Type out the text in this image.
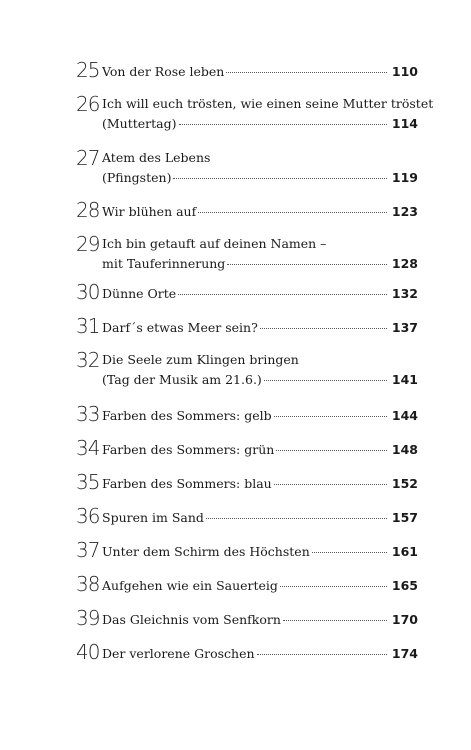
25 Von der Rose leben	110
26 Ich will euch trösten, wie einen seine Mutter tröstet
(Muttertag)	114
27 Atem des Lebens
(Pfingsten)	119
28 Wir blühen auf	123
29 Ich bin getauft auf deinen Namen –
mit Tauferinnerung	128
30 Dünne Orte	132
31 Darf´s etwas Meer sein?	137
32 Die Seele zum Klingen bringen
(Tag der Musik am 21.6.)	141
33 Farben des Sommers: gelb	144
34 Farben des Sommers: grün	148
35 Farben des Sommers: blau	152
36 Spuren im Sand	157
37 Unter dem Schirm des Höchsten	161
38 Aufgehen wie ein Sauerteig	165
39 Das Gleichnis vom Senfkorn	170
40 Der verlorene Groschen	174
